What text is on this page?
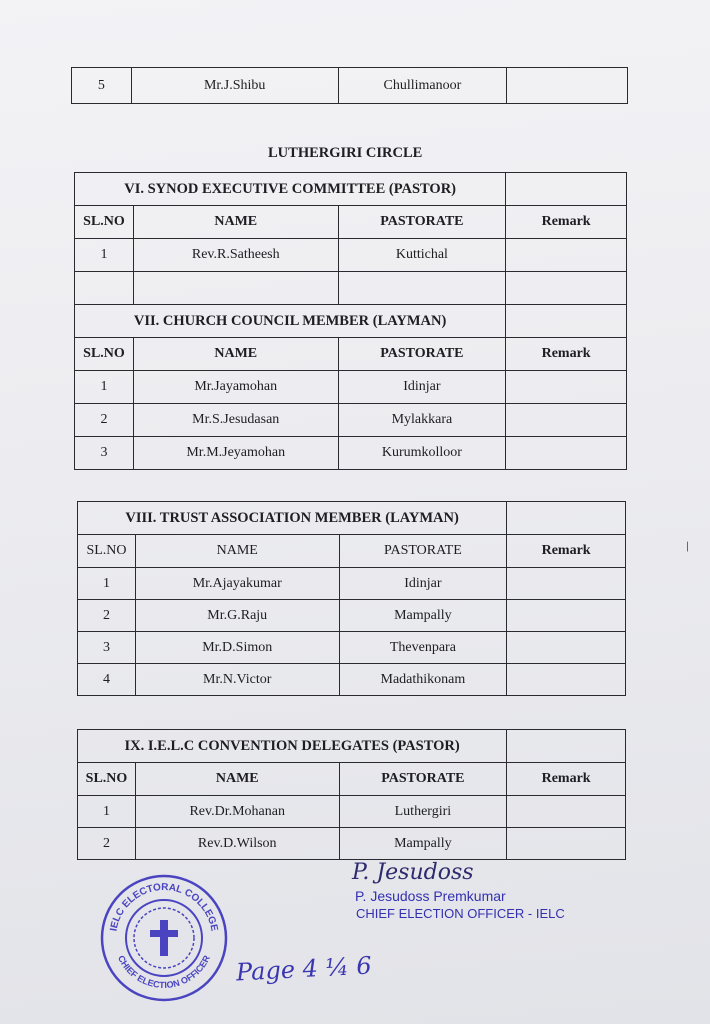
5	Mr.J.Shibu	Chullimanoor	
LUTHERGIRI CIRCLE
VI. SYNOD EXECUTIVE COMMITTEE (PASTOR)			
SL.NO	NAME	PASTORATE	Remark
1	Rev.R.Satheesh	Kuttichal	

VII. CHURCH COUNCIL MEMBER (LAYMAN)			
SL.NO	NAME	PASTORATE	Remark
1	Mr.Jayamohan	Idinjar	
2	Mr.S.Jesudasan	Mylakkara	
3	Mr.M.Jeyamohan	Kurumkolloor	
VIII. TRUST ASSOCIATION MEMBER (LAYMAN)			
SL.NO	NAME	PASTORATE	Remark
1	Mr.Ajayakumar	Idinjar	
2	Mr.G.Raju	Mampally	
3	Mr.D.Simon	Thevenpara	
4	Mr.N.Victor	Madathikonam	
/
IX. I.E.L.C CONVENTION DELEGATES (PASTOR)			
SL.NO	NAME	PASTORATE	Remark
1	Rev.Dr.Mohanan	Luthergiri	
2	Rev.D.Wilson	Mampally	
IELC ELECTORAL COLLEGE
CHIEF ELECTION OFFICER
P. Jesudoss
P. Jesudoss Premkumar
CHIEF ELECTION OFFICER - IELC
Page 4 ¼ 6
